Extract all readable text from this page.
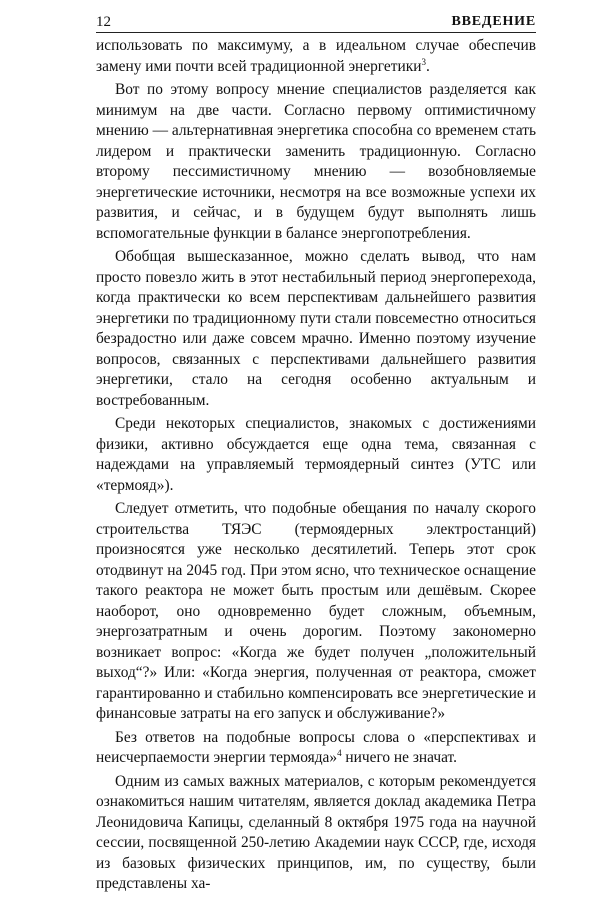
12	ВВЕДЕНИЕ

использовать по максимуму, а в идеальном случае обеспечив замену ими почти всей традиционной энергетики$^3$.

Вот по этому вопросу мнение специалистов разделяется как минимум на две части. Согласно первому оптимистичному мнению — альтернативная энергетика способна со временем стать лидером и практически заменить традиционную. Согласно второму пессимистичному мнению — возобновляемые энергетические источники, несмотря на все возможные успехи их развития, и сейчас, и в будущем будут выполнять лишь вспомогательные функции в балансе энергопотребления.

Обобщая вышесказанное, можно сделать вывод, что нам просто повезло жить в этот нестабильный период энергоперехода, когда практически ко всем перспективам дальнейшего развития энергетики по традиционному пути стали повсеместно относиться безрадостно или даже совсем мрачно. Именно поэтому изучение вопросов, связанных с перспективами дальнейшего развития энергетики, стало на сегодня особенно актуальным и востребованным.

Среди некоторых специалистов, знакомых с достижениями физики, активно обсуждается еще одна тема, связанная с надеждами на управляемый термоядерный синтез (УТС или «термояд»).

Следует отметить, что подобные обещания по началу скорого строительства ТЯЭС (термоядерных электростанций) произносятся уже несколько десятилетий. Теперь этот срок отодвинут на 2045 год. При этом ясно, что техническое оснащение такого реактора не может быть простым или дешёвым. Скорее наоборот, оно одновременно будет сложным, объемным, энергозатратным и очень дорогим. Поэтому закономерно возникает вопрос: «Когда же будет получен „положительный выход“?» Или: «Когда энергия, полученная от реактора, сможет гарантированно и стабильно компенсировать все энергетические и финансовые затраты на его запуск и обслуживание?»

Без ответов на подобные вопросы слова о «перспективах и неисчерпаемости энергии термояда»$^4$ ничего не значат.

Одним из самых важных материалов, с которым рекомендуется ознакомиться нашим читателям, является доклад академика Петра Леонидовича Капицы, сделанный 8 октября 1975 года на научной сессии, посвященной 250-летию Академии наук СССР, где, исходя из базовых физических принципов, им, по существу, были представлены ха-
